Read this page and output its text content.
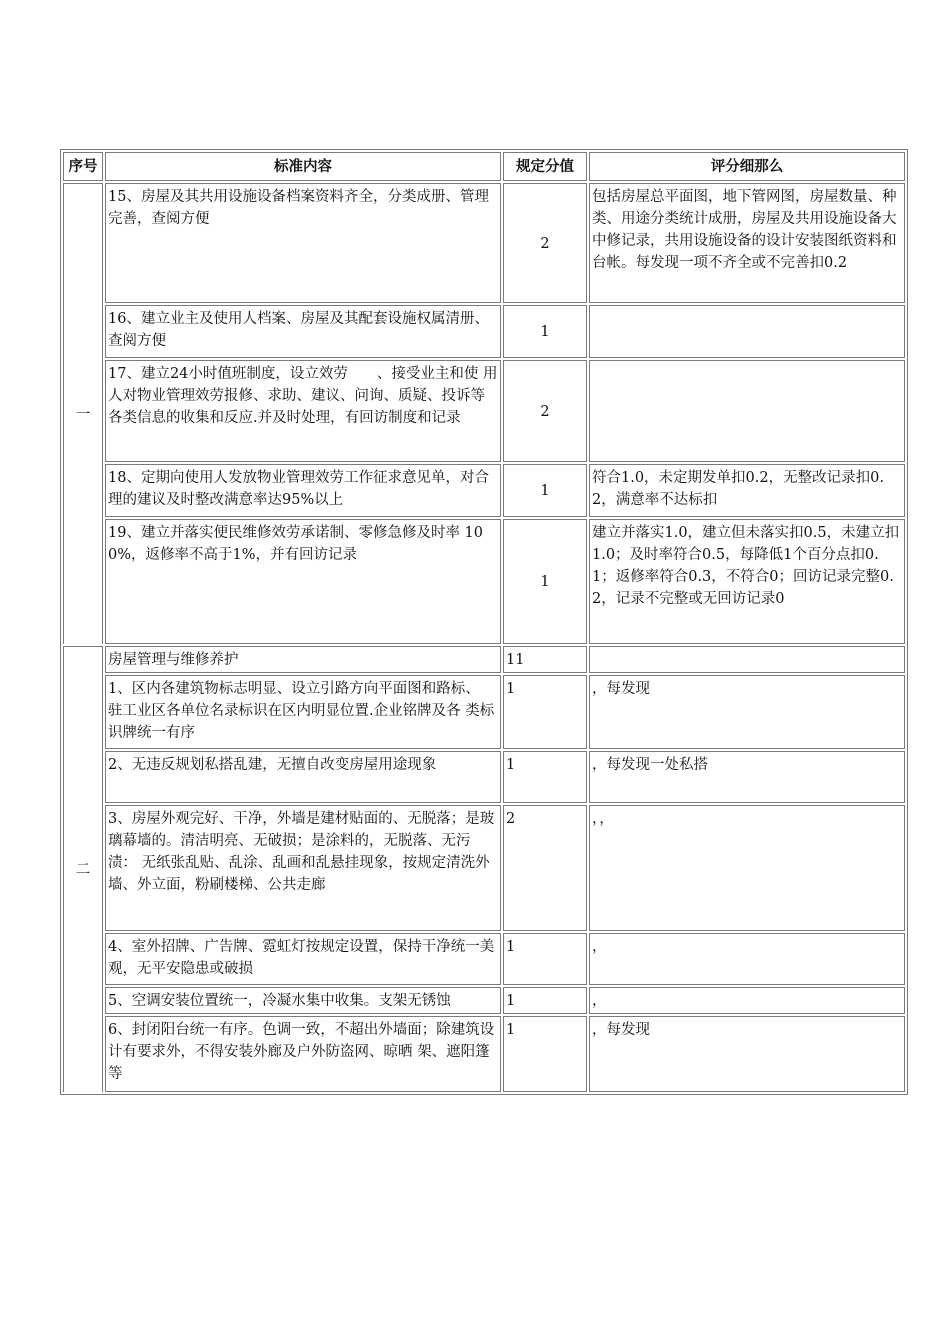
序号	标准内容	规定分值	评分细那么
一	15、房屋及其共用设施设备档案资料齐全，分类成册、管理 完善，查阅方便	2	包括房屋总平面图，地下管网图，房屋数量、种类、用途分类统计成册，房屋及共用设施设备大中修记录，共用设施设备的设计安装图纸资料和台帐。每发现一项不齐全或不完善扣0.2
	16、建立业主及使用人档案、房屋及其配套设施权属清册、 查阅方便	1	
	17、建立24小时值班制度，设立效劳　　、接受业主和使 用人对物业管理效劳报修、求助、建议、问询、质疑、投诉等 各类信息的收集和反应.并及时处理，有回访制度和记录	2	
	18、定期向使用人发放物业管理效劳工作征求意见单，对合理的建议及时整改满意率达95%以上	1	符合1.0，未定期发单扣0.2，无整改记录扣0.2，满意率不达标扣
	19、建立并落实便民维修效劳承诺制、零修急修及时率 100%，返修率不高于1%，并有回访记录	1	建立并落实1.0，建立但未落实扣0.5，未建立扣1.0；及时率符合0.5，每降低1个百分点扣0.1；返修率符合0.3，不符合0；回访记录完整0.2，记录不完整或无回访记录0
二	房屋管理与维修养护	11	
	1、区内各建筑物标志明显、设立引路方向平面图和路标、 驻工业区各单位名录标识在区内明显位置.企业铭牌及各 类标识牌统一有序	1	，每发现
	2、无违反规划私搭乱建，无擅自改变房屋用途现象	1	，每发现一处私搭
	3、房屋外观完好、干净，外墙是建材贴面的、无脱落；是玻 璃幕墙的。清洁明亮、无破损；是涂料的，无脱落、无污渍： 无纸张乱贴、乱涂、乱画和乱悬挂现象，按规定清洗外墙、外立面，粉刷楼梯、公共走廊	2	，，
	4、室外招牌、广告牌、霓虹灯按规定设置，保持干净统一美 观，无平安隐患或破损	1	，
	5、空调安装位置统一，冷凝水集中收集。支架无锈蚀	1	，
	6、封闭阳台统一有序。色调一致，不超出外墙面；除建筑设计有要求外，不得安装外廊及户外防盗网、晾晒 架、遮阳篷等	1	，每发现
